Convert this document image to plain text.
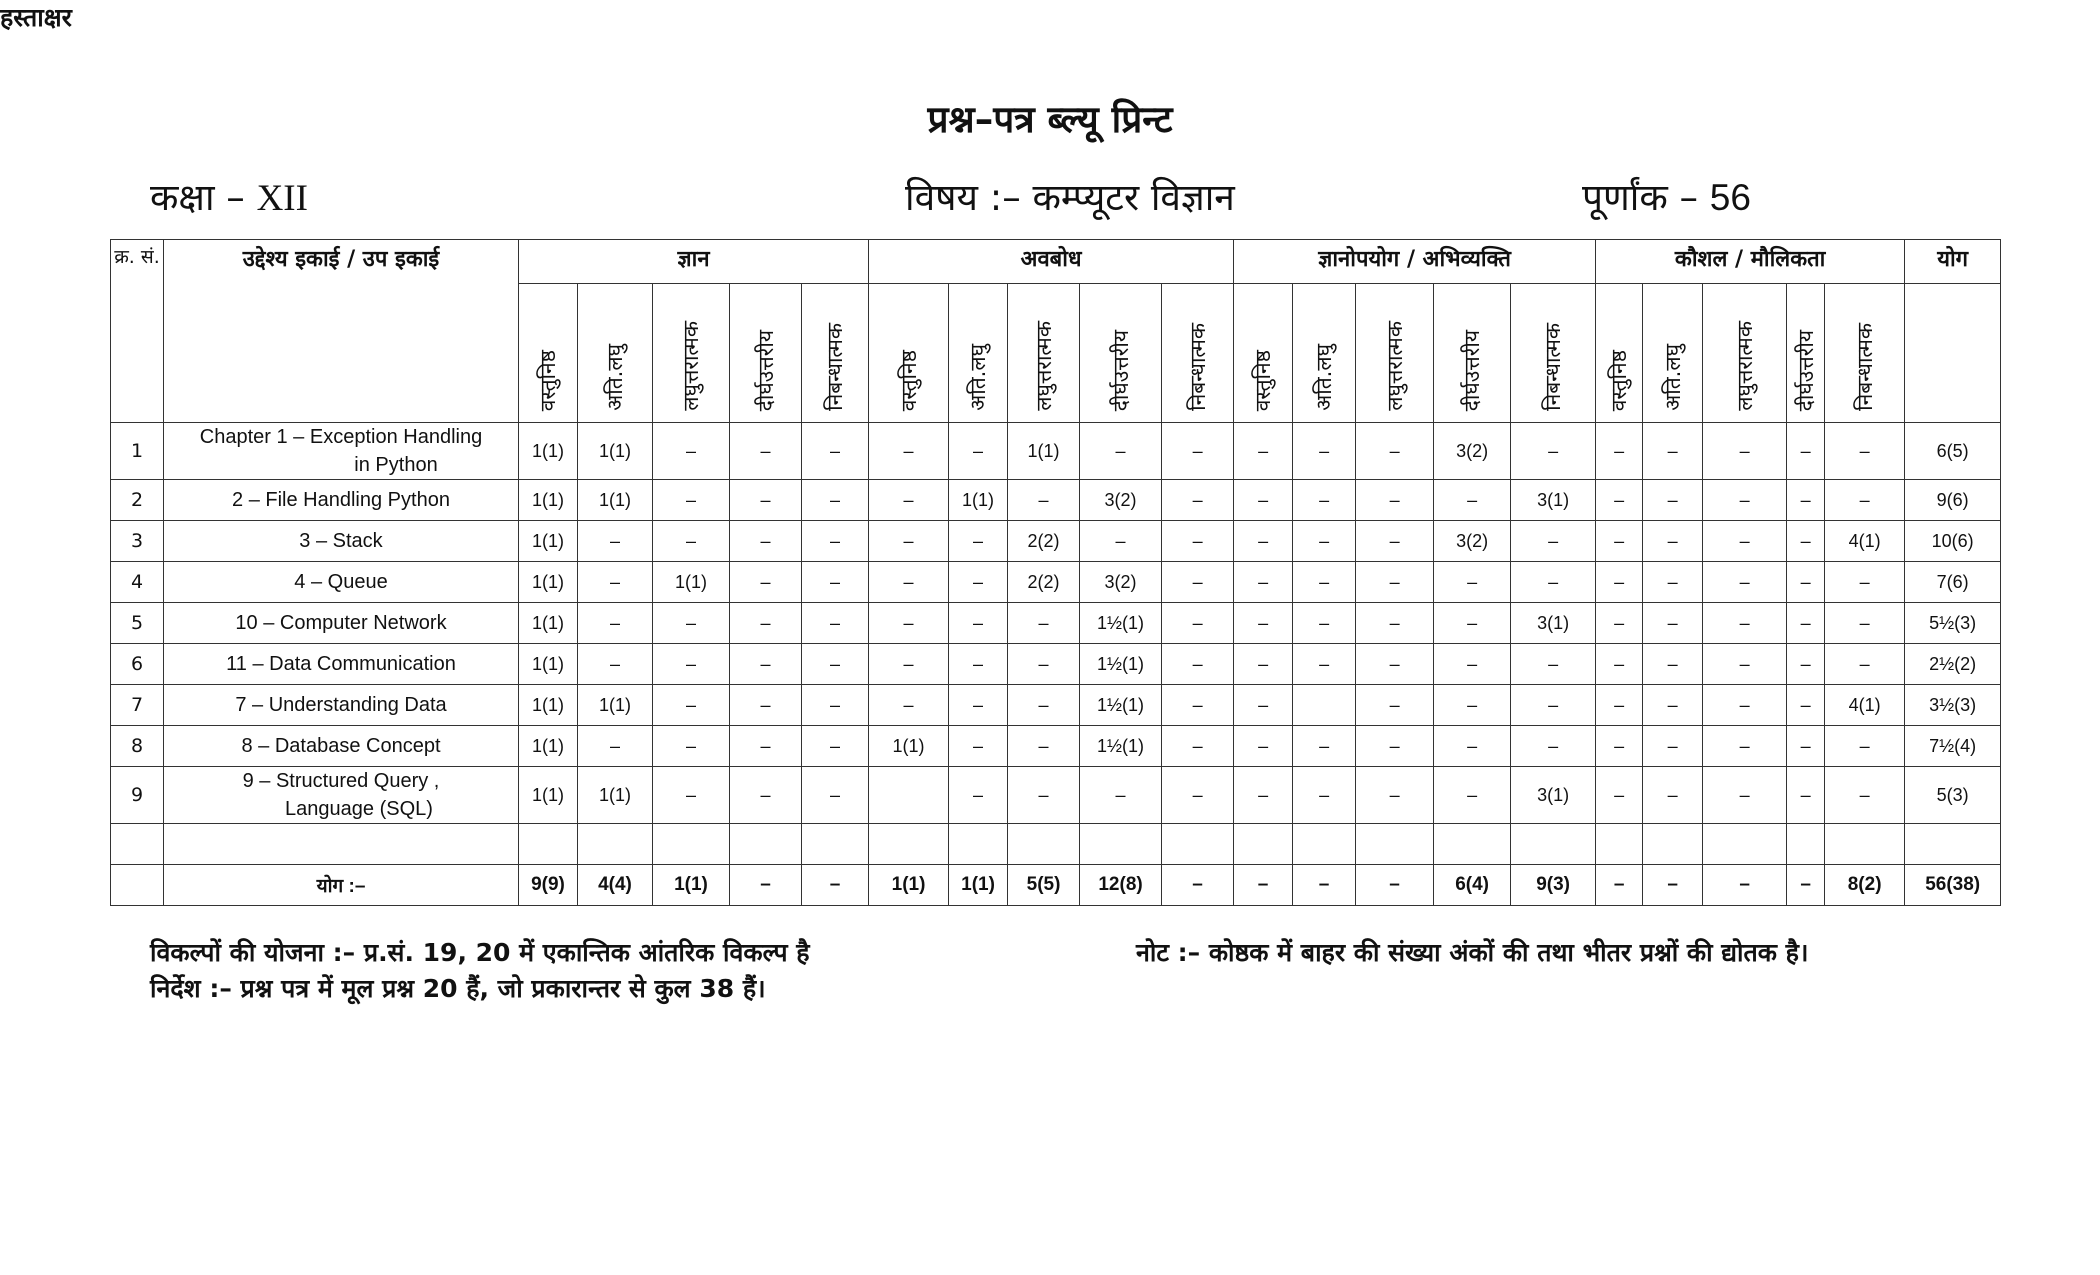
प्रश्न–पत्र ब्ल्यू प्रिन्ट
कक्षा – XII	विषय :– कम्प्यूटर विज्ञान	पूर्णांक – 56
क्र. सं.	उद्देश्य इकाई / उप इकाई	ज्ञान					अवबोध					ज्ञानोपयोग / अभिव्यक्ति					कौशल / मौलिकता					योग
		वस्तुनिष्ठ	अति.लघु	लघुत्तरात्मक	दीर्घउत्तरीय	निबन्धात्मक	वस्तुनिष्ठ	अति.लघु	लघुत्तरात्मक	दीर्घउत्तरीय	निबन्धात्मक	वस्तुनिष्ठ	अति.लघु	लघुत्तरात्मक	दीर्घउत्तरीय	निबन्धात्मक	वस्तुनिष्ठ	अति.लघु	लघुत्तरात्मक	दीर्घउत्तरीय	निबन्धात्मक	
1	Chapter 1 – Exception Handling
in Python	1(1)	1(1)	–	–	–	–	–	1(1)	–	–	–	–	–	3(2)	–	–	–	–	–	–	6(5)
2	2 – File Handling Python	1(1)	1(1)	–	–	–	–	1(1)	–	3(2)	–	–	–	–	–	3(1)	–	–	–	–	–	9(6)
3	3 – Stack	1(1)	–	–	–	–	–	–	2(2)	–	–	–	–	–	3(2)	–	–	–	–	–	4(1)	10(6)
4	4 – Queue	1(1)	–	1(1)	–	–	–	–	2(2)	3(2)	–	–	–	–	–	–	–	–	–	–	–	7(6)
5	10 – Computer Network	1(1)	–	–	–	–	–	–	–	1½(1)	–	–	–	–	–	3(1)	–	–	–	–	–	5½(3)
6	11 – Data Communication	1(1)	–	–	–	–	–	–	–	1½(1)	–	–	–	–	–	–	–	–	–	–	–	2½(2)
7	7 – Understanding Data	1(1)	1(1)	–	–	–	–	–	–	1½(1)	–	–		–	–	–	–	–	–	–	4(1)	3½(3)
8	8 – Database Concept	1(1)	–	–	–	–	1(1)	–	–	1½(1)	–	–	–	–	–	–	–	–	–	–	–	7½(4)
9	9 – Structured Query ,
Language (SQL)	1(1)	1(1)	–	–	–		–	–	–	–	–	–	–	–	3(1)	–	–	–	–	–	5(3)

	योग :–	9(9)	4(4)	1(1)	–	–	1(1)	1(1)	5(5)	12(8)	–	–	–	–	6(4)	9(3)	–	–	–	–	8(2)	56(38)
विकल्पों की योजना :– प्र.सं. 19, 20 में एकान्तिक आंतरिक विकल्प है
निर्देश :– प्रश्न पत्र में मूल प्रश्न 20 हैं, जो प्रकारान्तर से कुल 38 हैं।
नोट :– कोष्ठक में बाहर की संख्या अंकों की तथा भीतर प्रश्नों की द्योतक है।
हस्ताक्षर
